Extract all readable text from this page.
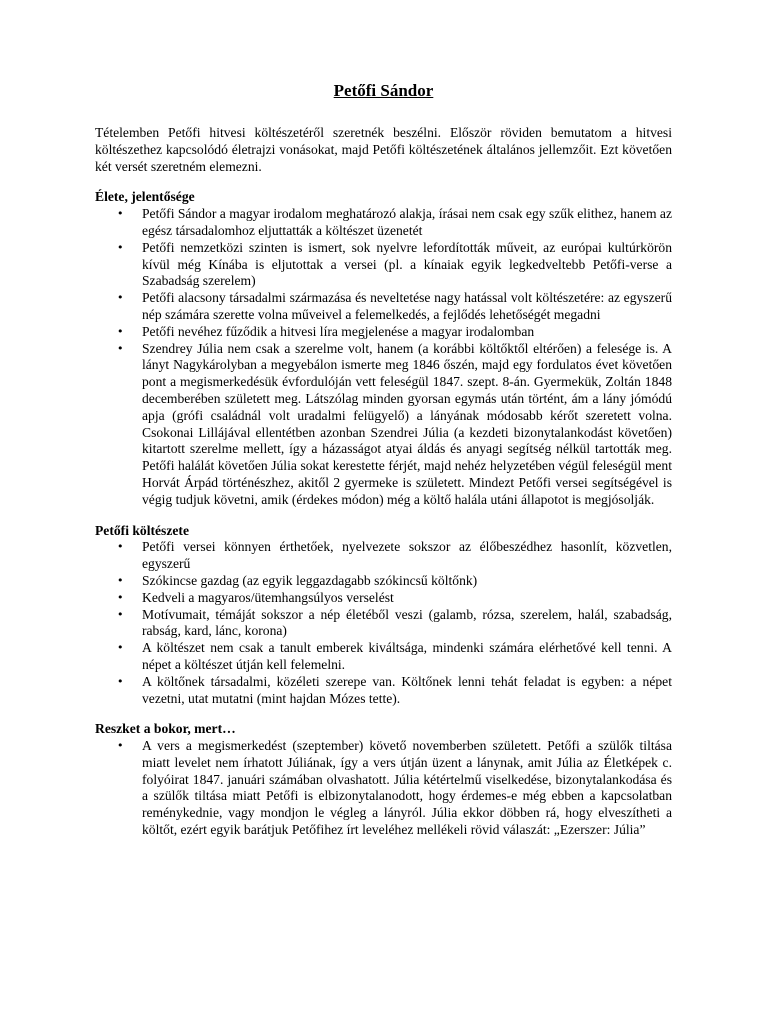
Petőfi Sándor

Tételemben Petőfi hitvesi költészetéről szeretnék beszélni. Először röviden bemutatom a hitvesi költészethez kapcsolódó életrajzi vonásokat, majd Petőfi költészetének általános jellemzőit. Ezt követően két versét szeretném elemezni.

Élete, jelentősége

• Petőfi Sándor a magyar irodalom meghatározó alakja, írásai nem csak egy szűk elithez, hanem az egész társadalomhoz eljuttatták a költészet üzenetét
• Petőfi nemzetközi szinten is ismert, sok nyelvre lefordították műveit, az európai kultúrkörön kívül még Kínába is eljutottak a versei (pl. a kínaiak egyik legkedveltebb Petőfi-verse a Szabadság szerelem)
• Petőfi alacsony társadalmi származása és neveltetése nagy hatással volt költészetére: az egyszerű nép számára szerette volna műveivel a felemelkedés, a fejlődés lehetőségét megadni
• Petőfi nevéhez fűződik a hitvesi líra megjelenése a magyar irodalomban
• Szendrey Júlia nem csak a szerelme volt, hanem (a korábbi költőktől eltérően) a felesége is. A lányt Nagykárolyban a megyebálon ismerte meg 1846 őszén, majd egy fordulatos évet követően pont a megismerkedésük évfordulóján vett feleségül 1847. szept. 8-án. Gyermekük, Zoltán 1848 decemberében született meg. Látszólag minden gyorsan egymás után történt, ám a lány jómódú apja (grófi családnál volt uradalmi felügyelő) a lányának módosabb kérőt szeretett volna. Csokonai Lillájával ellentétben azonban Szendrei Júlia (a kezdeti bizonytalankodást követően) kitartott szerelme mellett, így a házasságot atyai áldás és anyagi segítség nélkül tartották meg. Petőfi halálát követően Júlia sokat kerestette férjét, majd nehéz helyzetében végül feleségül ment Horvát Árpád történészhez, akitől 2 gyermeke is született. Mindezt Petőfi versei segítségével is végig tudjuk követni, amik (érdekes módon) még a költő halála utáni állapotot is megjósolják.

Petőfi költészete

• Petőfi versei könnyen érthetőek, nyelvezete sokszor az élőbeszédhez hasonlít, közvetlen, egyszerű
• Szókincse gazdag (az egyik leggazdagabb szókincsű költőnk)
• Kedveli a magyaros/ütemhangsúlyos verselést
• Motívumait, témáját sokszor a nép életéből veszi (galamb, rózsa, szerelem, halál, szabadság, rabság, kard, lánc, korona)
• A költészet nem csak a tanult emberek kiváltsága, mindenki számára elérhetővé kell tenni. A népet a költészet útján kell felemelni.
• A költőnek társadalmi, közéleti szerepe van. Költőnek lenni tehát feladat is egyben: a népet vezetni, utat mutatni (mint hajdan Mózes tette).

Reszket a bokor, mert…

• A vers a megismerkedést (szeptember) követő novemberben született. Petőfi a szülők tiltása miatt levelet nem írhatott Júliának, így a vers útján üzent a lánynak, amit Júlia az Életképek c. folyóirat 1847. januári számában olvashatott. Júlia kétértelmű viselkedése, bizonytalankodása és a szülők tiltása miatt Petőfi is elbizonytalanodott, hogy érdemes-e még ebben a kapcsolatban reménykednie, vagy mondjon le végleg a lányról. Júlia ekkor döbben rá, hogy elveszítheti a költőt, ezért egyik barátjuk Petőfihez írt leveléhez mellékeli rövid válaszát: „Ezerszer: Júlia”
